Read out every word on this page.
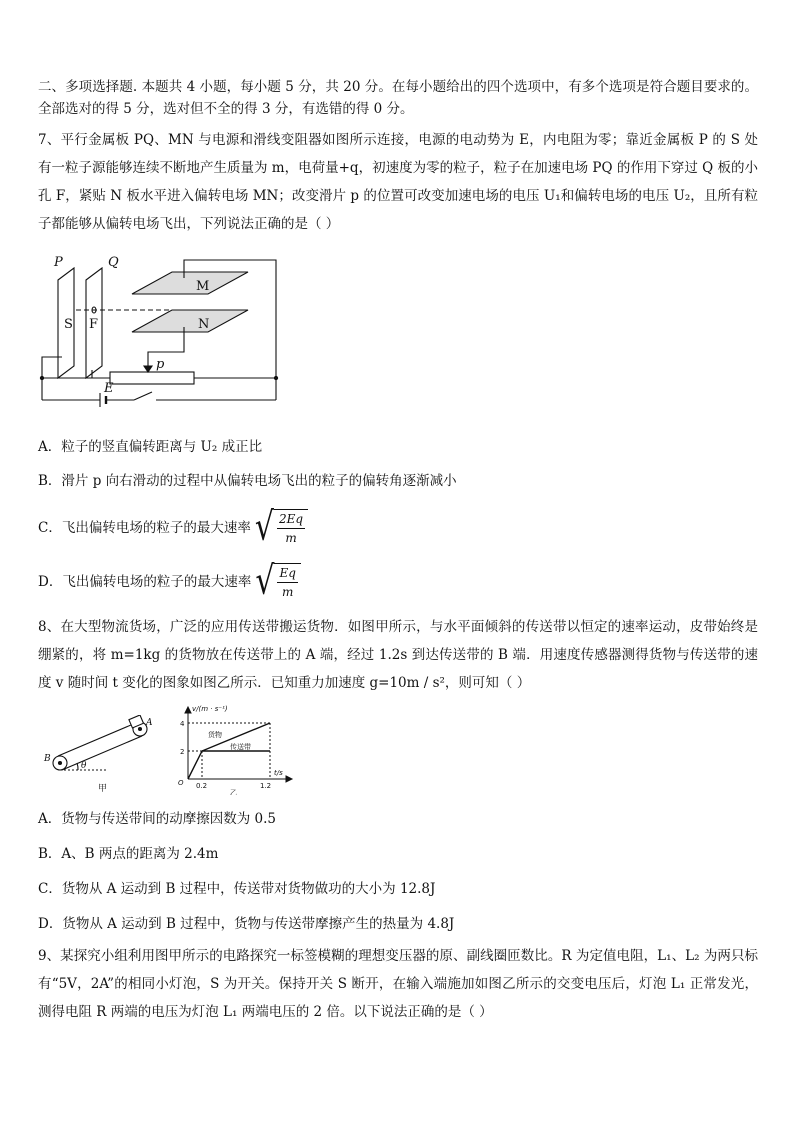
二、多项选择题. 本题共 4 小题，每小题 5 分，共 20 分。在每小题给出的四个选项中，有多个选项是符合题目要求的。全部选对的得 5 分，选对但不全的得 3 分，有选错的得 0 分。

7、平行金属板 PQ、MN 与电源和滑线变阻器如图所示连接，电源的电动势为 E，内电阻为零；靠近金属板 P 的 S 处有一粒子源能够连续不断地产生质量为 m，电荷量+q，初速度为零的粒子，粒子在加速电场 PQ 的作用下穿过 Q 板的小孔 F，紧贴 N 板水平进入偏转电场 MN；改变滑片 p 的位置可改变加速电场的电压 U₁和偏转电场的电压 U₂，且所有粒子都能够从偏转电场飞出，下列说法正确的是（ ）

P	Q
M
N
S F
p
E

A．粒子的竖直偏转距离与 U₂ 成正比

B．滑片 p 向右滑动的过程中从偏转电场飞出的粒子的偏转角逐渐减小

C．飞出偏转电场的粒子的最大速率 √ $\frac{2Eq}{m}$
D．飞出偏转电场的粒子的最大速率 √ $\frac{Eq}{m}$

8、在大型物流货场，广泛的应用传送带搬运货物．如图甲所示，与水平面倾斜的传送带以恒定的速率运动，皮带始终是绷紧的，将 m=1kg 的货物放在传送带上的 A 端，经过 1.2s 到达传送带的 B 端．用速度传感器测得货物与传送带的速度 v 随时间 t 变化的图象如图乙所示．已知重力加速度 g=10m / s²，则可知（ ）

A
B
θ
甲
v/(m · s⁻¹)
t/s
O
4
2
0.2	1.2
货物
传送带
乙

A．货物与传送带间的动摩擦因数为 0.5

B．A、B 两点的距离为 2.4m

C．货物从 A 运动到 B 过程中，传送带对货物做功的大小为 12.8J

D．货物从 A 运动到 B 过程中，货物与传送带摩擦产生的热量为 4.8J

9、某探究小组利用图甲所示的电路探究一标签模糊的理想变压器的原、副线圈匝数比。R 为定值电阻，L₁、L₂ 为两只标有“5V，2A”的相同小灯泡，S 为开关。保持开关 S 断开，在输入端施加如图乙所示的交变电压后，灯泡 L₁ 正常发光，测得电阻 R 两端的电压为灯泡 L₁ 两端电压的 2 倍。以下说法正确的是（ ）
